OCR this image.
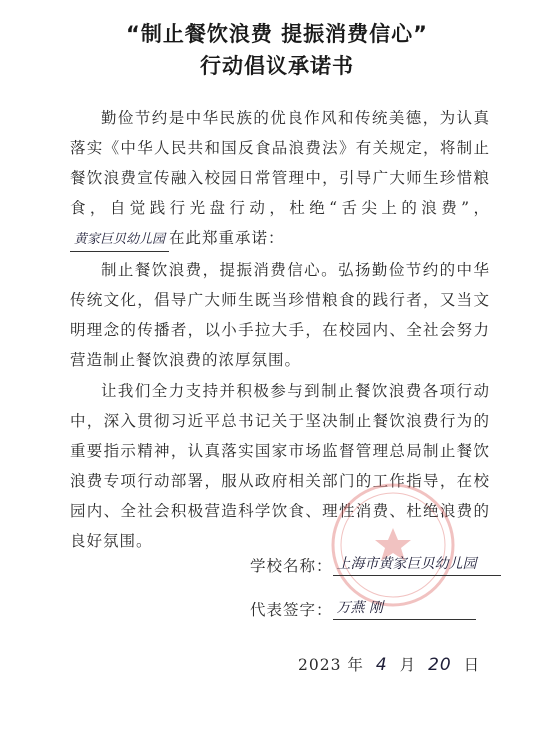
“制止餐饮浪费 提振消费信心”
行动倡议承诺书
勤俭节约是中华民族的优良作风和传统美德，为认真落实《中华人民共和国反食品浪费法》有关规定，将制止餐饮浪费宣传融入校园日常管理中，引导广大师生珍惜粮食，自觉践行光盘行动，杜绝“舌尖上的浪费”，黄家巨贝幼儿园 在此郑重承诺：
制止餐饮浪费，提振消费信心。弘扬勤俭节约的中华传统文化，倡导广大师生既当珍惜粮食的践行者，又当文明理念的传播者，以小手拉大手，在校园内、全社会努力营造制止餐饮浪费的浓厚氛围。
让我们全力支持并积极参与到制止餐饮浪费各项行动中，深入贯彻习近平总书记关于坚决制止餐饮浪费行为的重要指示精神，认真落实国家市场监督管理总局制止餐饮浪费专项行动部署，服从政府相关部门的工作指导，在校园内、全社会积极营造科学饮食、理性消费、杜绝浪费的良好氛围。
学校名称： 上海市黄家巨贝幼儿园
代表签字： 万燕 刚
2023 年 4 月 20 日
